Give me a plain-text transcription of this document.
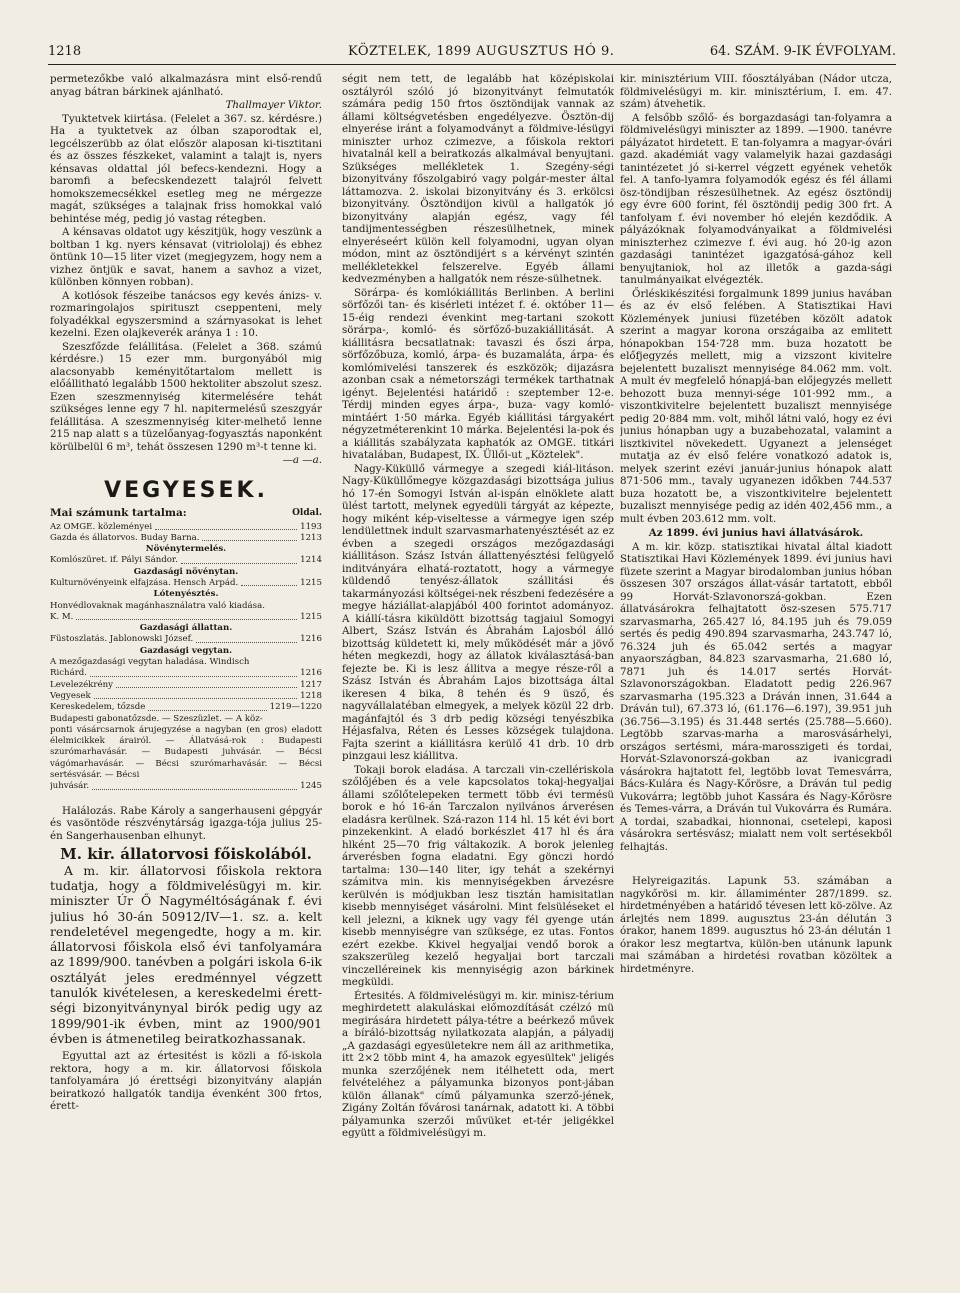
1218	KÖZTELEK, 1899 AUGUSZTUS HÓ 9.	64. SZÁM. 9-IK ÉVFOLYAM.

permetezőkbe való alkalmazásra mint első-rendű anyag bátran bárkinek ajánlható.

Thallmayer Viktor.

Tyuktetvek kiirtása. (Felelet a 367. sz. kérdésre.) Ha a tyuktetvek az ólban szaporodtak el, legcélszerübb az ólat először alaposan ki-tisztitani és az összes fészkeket, valamint a talajt is, nyers kénsavas oldattal jól befecs-kendezni. Hogy a baromfi a befecskendezett talajról felvett homokszemecsékkel esetleg meg ne mérgezze magát, szükséges a talajnak friss homokkal való behintése még, pedig jó vastag rétegben.

A kénsavas oldatot ugy készitjük, hogy veszünk a boltban 1 kg. nyers kénsavat (vitriololaj) és ebhez öntünk 10—15 liter vizet (megjegyzem, hogy nem a vizhez öntjük e savat, hanem a savhoz a vizet, különben könnyen robban).

A kotlósok fészeibe tanácsos egy kevés ánizs- v. rozmaringolajos spirituszt cseppenteni, mely folyadékkal egyszersmind a szárnyasokat is lehet kezelni. Ezen olajkeverék aránya 1 : 10.

Szeszfőzde felállitása. (Felelet a 368. számú kérdésre.) 15 ezer mm. burgonyából mig alacsonyabb keményitőtartalom mellett is előállitható legalább 1500 hektoliter abszolut szesz. Ezen szeszmennyiség kitermelésére tehát szükséges lenne egy 7 hl. napitermelésű szeszgyár felállitása. A szeszmennyiség kiter-melhető lenne 215 nap alatt s a tüzelőanyag-fogyasztás naponként körülbelül 6 m³, tehát összesen 1290 m³-t tenne ki.

—a —a.

VEGYESEK.
Mai számunk tartalma:	Oldal.
Az OMGE. közleményei	1193
Gazda és állatorvos. Buday Barna.	1213
Növénytermelés.
Komlószüret. if. Pályi Sándor.	1214
Gazdasági növénytan.
Kulturnövényeink elfajzása. Hensch Árpád.	1215
Lótenyésztés.
Honvédlovaknak magánhasználatra való kiadása.
K. M.	1215
Gazdasági állattan.
Füstoszlatás. Jablonowski József.	1216
Gazdasági vegytan.
A mezőgazdasági vegytan haladása. Windisch
Richárd.	1216
Levelezékrény	1217
Vegyesek	1218
Kereskedelem, tőzsde	1219—1220
Budapesti gabonatőzsde. — Szeszüzlet. — A köz-
ponti vásárcsarnok árujegyzése a nagyban (en gros) eladott élelmicikkek árairól. — Állatvásá-rok : Budapesti szurómarhavásár. — Budapesti juhvásár. — Bécsi vágómarhavásár. — Bécsi szurómarhavásár. — Bécsi sertésvásár. — Bécsi
juhvásár.	1245

Halálozás. Rabe Károly a sangerhauseni gépgyár és vasöntöde részvénytárság igazga-tója julius 25-én Sangerhausenban elhunyt.

M. kir. állatorvosi főiskolából.

A m. kir. állatorvosi főiskola rektora tudatja, hogy a földmivelésügyi m. kir. miniszter Úr Ő Nagyméltóságának f. évi julius hó 30-án 50912/IV—1. sz. a. kelt rendeletével megengedte, hogy a m. kir. állatorvosi főiskola első évi tanfolyamára az 1899/900. tanévben a polgári iskola 6-ik osztályát jeles eredménnyel végzett tanulók kivételesen, a kereskedelmi érett-ségi bizonyitványnyal birók pedig ugy az 1899/901-ik évben, mint az 1900/901 évben is átmenetileg beiratkozhassanak.

Egyuttal azt az értesitést is közli a fő-iskola rektora, hogy a m. kir. állatorvosi főiskola tanfolyamára jó érettségi bizonyitvány alapján beiratkozó hallgatók tandija évenként 300 frtos, érett-

ségit nem tett, de legalább hat középiskolai osztályról szóló jó bizonyitványt felmutatók számára pedig 150 frtos ösztöndijak vannak az állami költségvetésben engedélyezve. Ösztön-dij elnyerése iránt a folyamodványt a földmive-lésügyi miniszter urhoz czimezve, a főiskola rektori hivatalnál kell a beiratkozás alkalmával benyujtani. Szükséges mellékletek 1. Szegény-ségi bizonyitvány főszolgabiró vagy polgár-mester által láttamozva. 2. iskolai bizonyitvány és 3. erkölcsi bizonyitvány. Ösztöndijon kivül a hallgatók jó bizonyitvány alapján egész, vagy fél tandijmentességben részesülhetnek, minek elnyeréseért külön kell folyamodni, ugyan olyan módon, mint az ösztöndijért s a kérvényt szintén mellékletekkel felszerelve. Egyéb állami kedvezményben a hallgatók nem része-sülhetnek.

Sörárpa- és komlókiállitás Berlinben. A berlini sörfőzői tan- és kisérleti intézet f. é. október 11—15-éig rendezi évenkint meg-tartani szokott sörárpa-, komló- és sörfőző-buzakiállitását. A kiállitásra becsatlatnak: tavaszi és őszi árpa, sörfőzőbuza, komló, árpa- és buzamaláta, árpa- és komlómivelési tanszerek és eszközök; dijazásra azonban csak a németországi termékek tarthatnak igényt. Bejelentési határidő : szeptember 12-e. Térdij minden egyes árpa-, buza- vagy komló-mintáért 1·50 márka. Egyéb kiállitási tárgyakért négyzetméterenkint 10 márka. Bejelentési la-pok és a kiállitás szabályzata kaphatók az OMGE. titkári hivatalában, Budapest, IX. Üllői-ut „Köztelek".

Nagy-Küküllő vármegye a szegedi kiál-litáson. Nagy-Küküllőmegye közgazdasági bizottsága julius hó 17-én Somogyi István al-ispán elnöklete alatt ülést tartott, melynek egyedüli tárgyát az képezte, hogy miként kép-viseltesse a vármegye igen szép lendülettnek indult szarvasmarhatenyésztését az ez évben a szegedi országos mezőgazdasági kiállitáson. Szász István állattenyésztési felügyelő inditványára elhatá-roztatott, hogy a vármegye küldendő tenyész-állatok szállitási és takarmányozási költségei-nek részbeni fedezésére a megye háziállat-alapjából 400 forintot adományoz. A kiállí-tásra kiküldött bizottság tagjaiul Somogyi Albert, Szász István és Ábrahám Lajosból álló bizottság küldetett ki, mely működését már a jövő héten megkezdi, hogy az állatok kiválasztásá-ban fejezte be. Ki is lesz állitva a megye része-ről a Szász István és Ábrahám Lajos bizottsága által ikeresen 4 bika, 8 tehén és 9 üsző, és nagyvállalatéban elmegyek, a melyek közül 22 drb. magánfajtól és 3 drb pedig községi tenyészbika Héjasfalva, Réten és Lesses községek tulajdona. Fajta szerint a kiállitásra kerülő 41 drb. 10 drb pinzgaui lesz kiállitva.

Tokaji borok eladása. A tarczali vin-czellériskola szőlőjében és a vele kapcsolatos tokaj-hegyaljai állami szőlőtelepeken termett több évi termésü borok e hó 16-án Tarczalon nyilvános árverésen eladásra kerülnek. Szá-razon 114 hl. 15 két évi bort pinzekenkint. A eladó borkészlet 417 hl és ára hlként 25—70 frig váltakozik. A borok jelenleg árverésben fogna eladatni. Egy gönczi hordó tartalma: 130—140 liter, igy tehát a szekérnyi számitva min. kis mennyiségekben árvezésre kerülvén is módjukban lesz tisztán hamisitatlan kisebb mennyiséget vásárolni. Mint felsüléseket el kell jelezni, a kiknek ugy vagy fél gyenge után kisebb mennyiségre van szüksége, ez utas. Fontos ezért ezekbe. Kkivel hegyaljai vendő borok a szakszerüleg kezelő hegyaljai bort tarczali vinczelléreinek kis mennyiségig azon bárkinek megküldi.

Értesités. A földmivelésügyi m. kir. minisz-térium meghirdetett alakuláskai előmozdítását czélzó mü megirására hirdetett pálya-tétre a beérkező művek a bíráló-bizottság nyilatkozata alapján, a pályadij „A gazdasági egyesületekre nem áll az arithmetika, itt 2×2 több mint 4, ha amazok egyesültek" jeligés munka szerzőjének nem itélhetett oda, mert felvételéhez a pályamunka bizonyos pont-jában külön állanak" című pályamunka szerző-jének, Zigány Zoltán fővárosi tanárnak, adatott ki. A többi pályamunka szerzői művüket et-tér jeligékkel együtt a földmivelésügyi m.

kir. minisztérium VIII. főosztályában (Nádor utcza, földmivelésügyi m. kir. minisztérium, I. em. 47. szám) átvehetik.

A felsőbb szőlő- és borgazdasági tan-folyamra a földmivelésügyi miniszter az 1899. —1900. tanévre pályázatot hirdetett. E tan-folyamra a magyar-óvári gazd. akadémiát vagy valamelyik hazai gazdasági tanintézetet jó si-kerrel végzett egyének vehetők fel. A tanfo-lyamra folyamodók egész és fél állami ösz-töndijban részesülhetnek. Az egész ösztöndij egy évre 600 forint, fél ösztöndij pedig 300 frt. A tanfolyam f. évi november hó elején kezdődik. A pályázóknak folyamodványaikat a földmivelési miniszterhez czimezve f. évi aug. hó 20-ig azon gazdasági tanintézet igazgatósá-gához kell benyujtaniok, hol az illetők a gazda-sági tanulmányaikat elvégezték.

Őrléskikészitési forgalmunk 1899 junius havában és az év első felében. A Statisztikai Havi Közlemények juniusi füzetében közölt adatok szerint a magyar korona országaiba az emlitett hónapokban 154·728 mm. buza hozatott be előfjegyzés mellett, mig a vizszont kivitelre bejelentett buzaliszt mennyisége 84.062 mm. volt. A mult év megfelelő hónapjá-ban előjegyzés mellett behozott buza mennyi-sége 101·992 mm., a viszontkivitelre bejelentett buzaliszt mennyisége pedig 20·884 mm. volt, mihől látni való, hogy ez évi junius hónapban ugy a buzabehozatal, valamint a lisztkivitel növekedett. Ugyanezt a jelenséget mutatja az év első felére vonatkozó adatok is, melyek szerint ezévi január-junius hónapok alatt 871·506 mm., tavaly ugyanezen időkben 744.537 buza hozatott be, a viszontkivitelre bejelentett buzaliszt mennyisége pedig az idén 402,456 mm., a mult évben 203.612 mm. volt.

Az 1899. évi junius havi állatvásárok.

A m. kir. közp. statisztikai hivatal által kiadott Statisztikai Havi Közlemények 1899. évi junius havi füzete szerint a Magyar birodalomban junius hóban összesen 307 országos állat-vásár tartatott, ebből 99 Horvát-Szlavonorszá-gokban. Ezen állatvásárokra felhajtatott ösz-szesen 575.717 szarvasmarha, 265.427 ló, 84.195 juh és 79.059 sertés és pedig 490.894 szarvasmarha, 243.747 ló, 76.324 juh és 65.042 sertés a magyar anyaországban, 84.823 szarvasmarha, 21.680 ló, 7871 juh és 14.017 sertés Horvát-Szlavonországokban. Eladatott pedig 226.967 szarvasmarha (195.323 a Dráván innen, 31.644 a Dráván tul), 67.373 ló, (61.176—6.197), 39.951 juh (36.756—3.195) és 31.448 sertés (25.788—5.660). Legtöbb szarvas-marha a marosvásárhelyi, országos sertésmi, mára-marosszigeti és tordai, Horvát-Szlavonorszá-gokban az ivanicgradi vásárokra hajtatott fel, legtöbb lovat Temesvárra, Bács-Kulára és Nagy-Kőrösre, a Dráván tul pedig Vukovárra; legtöbb juhot Kassára és Nagy-Kőrösre és Temes-várra, a Dráván tul Vukovárra és Rumára. A tordai, szabadkai, hionnonai, csetelepi, kaposi vásárokra sertésvász; mialatt nem volt sertésekből felhajtás.

Helyreigazitás. Lapunk 53. számában a nagykőrösi m. kir. államiménter 287/1899. sz. hirdetményében a határidő tévesen lett kö-zölve. Az árlejtés nem 1899. augusztus 23-án délután 3 órakor, hanem 1899. augusztus hó 23-án délután 1 órakor lesz megtartva, külön-ben utánunk lapunk mai számában a hirdetési rovatban közöltek a hirdetményre.
